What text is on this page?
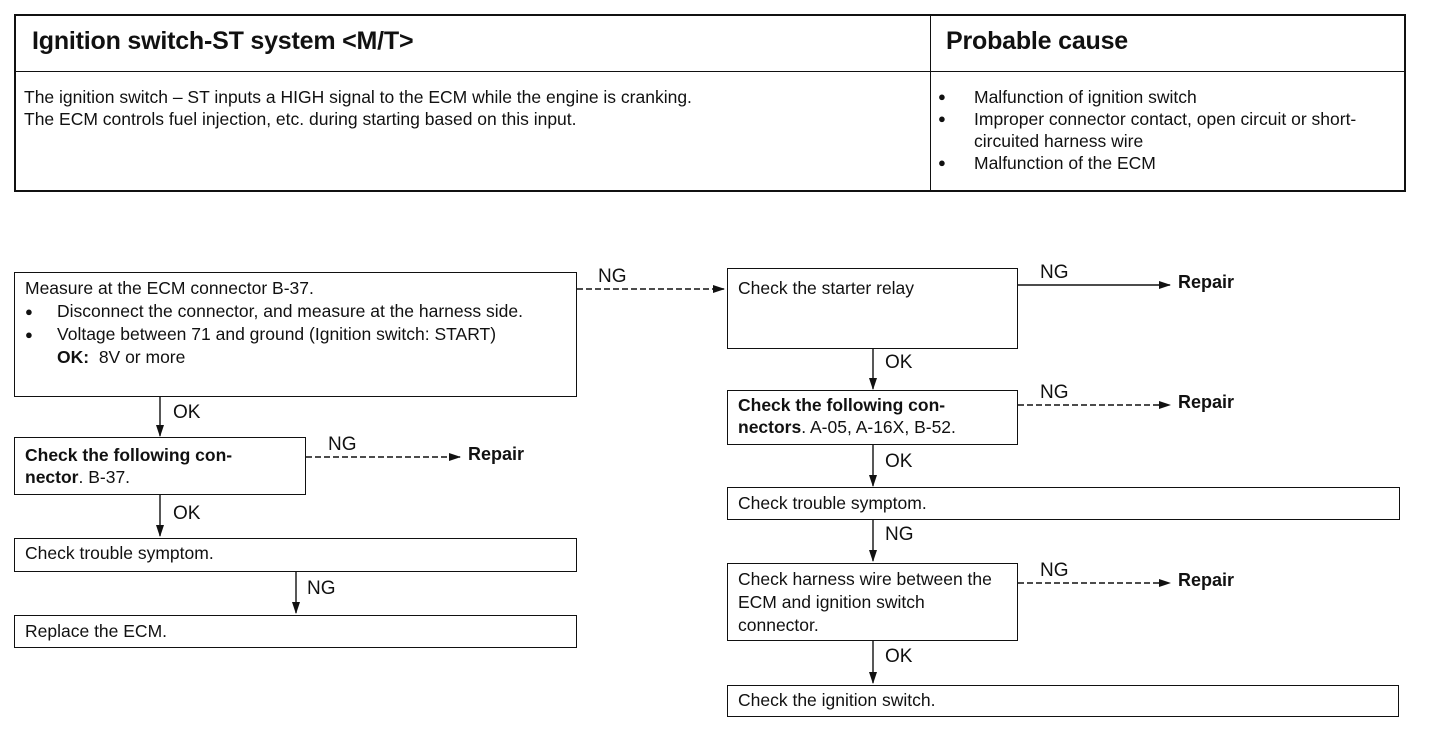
Ignition switch-ST system <M/T>	Probable cause
The ignition switch – ST inputs a HIGH signal to the ECM while the engine is cranking.
The ECM controls fuel injection, etc. during starting based on this input.
● Malfunction of ignition switch
● Improper connector contact, open circuit or short-circuited harness wire
● Malfunction of the ECM
Measure at the ECM connector B-37.
● Disconnect the connector, and measure at the harness side.
● Voltage between 71 and ground (Ignition switch: START)
OK: 8V or more
Check the following con- nector. B-37.
Check trouble symptom.
Replace the ECM.
Check the starter relay
Check the following con- nectors. A-05, A-16X, B-52.
Check trouble symptom.
Check harness wire between the ECM and ignition switch connector.
Check the ignition switch.
OK
OK
OK
OK
OK
NG
NG
NG	NG
NG
NG
NG
Repair
Repair
Repair
Repair
